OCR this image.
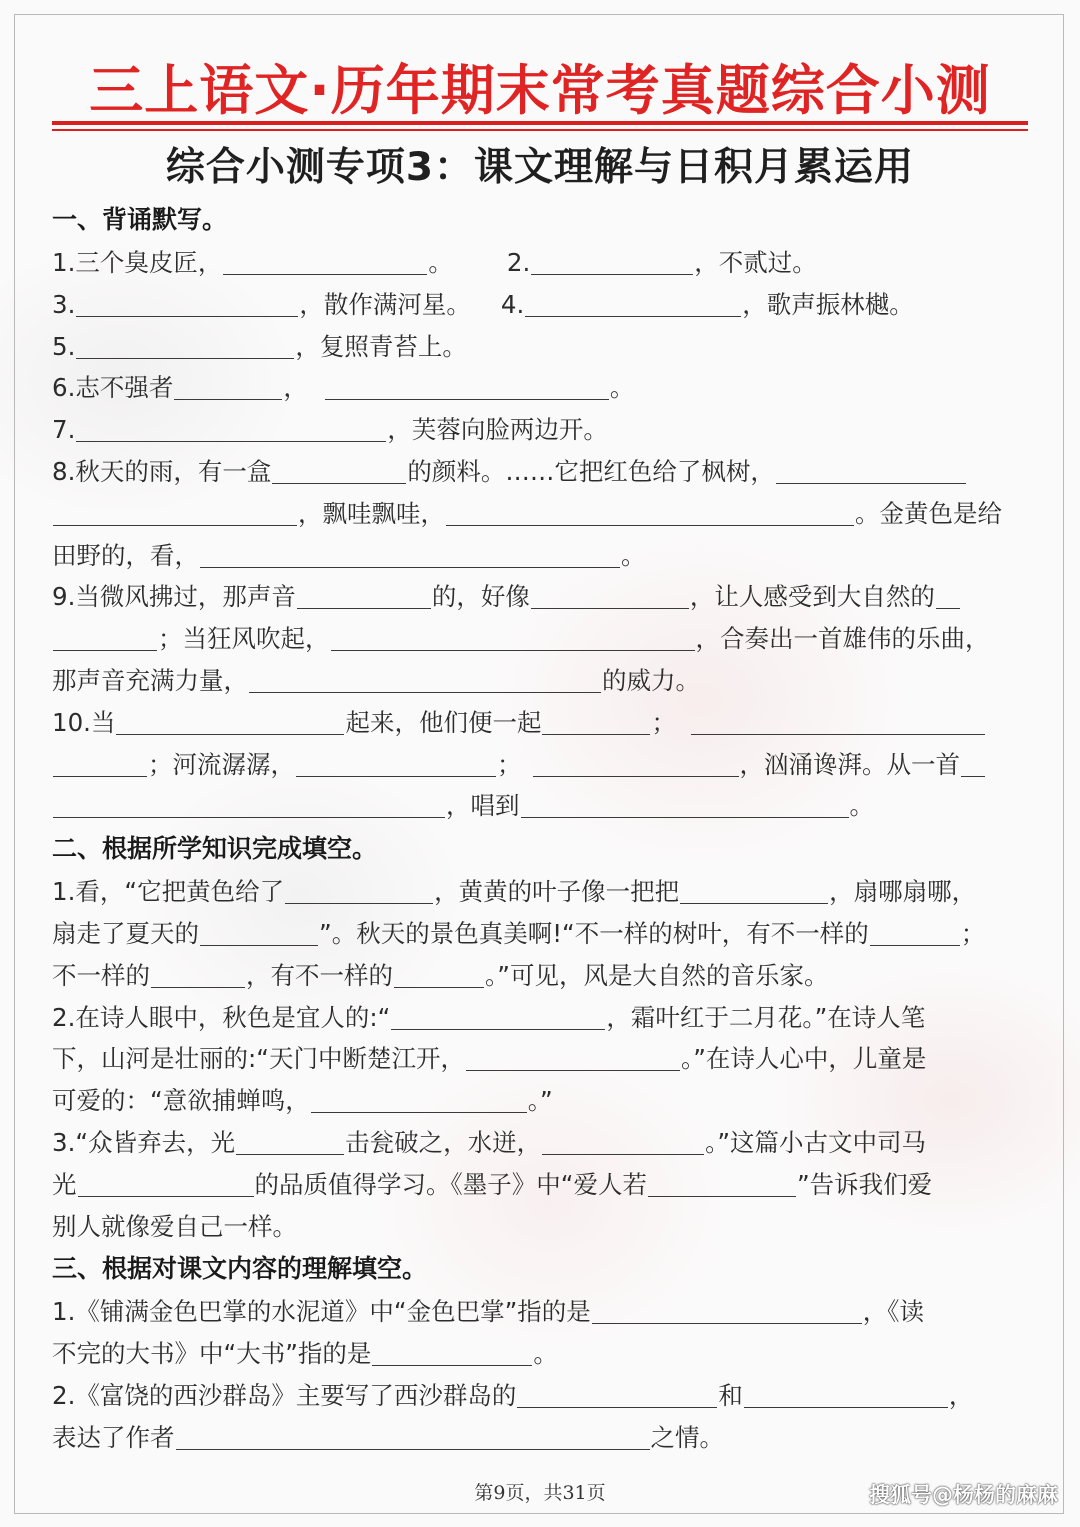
三上语文·历年期末常考真题综合小测
综合小测专项3：课文理解与日积月累运用
一、背诵默写。
1.三个臭皮匠，	。 2.	，不贰过。
3.	，散作满河星。 4.	，歌声振林樾。
5.	，复照青苔上。
6.志不强者	，	。
7.	，芙蓉向脸两边开。
8.秋天的雨，有一盒	的颜料。……它把红色给了枫树，
，飘哇飘哇，	。金黄色是给
田野的，看，	。
9.当微风拂过，那声音	的，好像	，让人感受到大自然的
；当狂风吹起，	，合奏出一首雄伟的乐曲，
那声音充满力量，	的威力。
10.当	起来，他们便一起	；
；河流潺潺，	；	，汹涌谗湃。从一首
，唱到	。
二、根据所学知识完成填空。
1.看，“它把黄色给了	，黄黄的叶子像一把把	，扇哪扇哪，
扇走了夏天的	”。秋天的景色真美啊!“不一样的树叶，有不一样的	；
不一样的	，有不一样的	。”可见，风是大自然的音乐家。
2.在诗人眼中，秋色是宜人的:“	，霜叶红于二月花。”在诗人笔
下，山河是壮丽的:“天门中断楚江开，	。”在诗人心中，儿童是
可爱的：“意欲捕蝉鸣，	。”
3.“众皆弃去，光	击瓮破之，水迸，	。”这篇小古文中司马
光	的品质值得学习。《墨子》中“爱人若	”告诉我们爱
别人就像爱自己一样。
三、根据对课文内容的理解填空。
1.《铺满金色巴掌的水泥道》中“金色巴掌”指的是	，《读
不完的大书》中“大书”指的是	。
2.《富饶的西沙群岛》主要写了西沙群岛的	和	，
表达了作者	之情。
第9页，共31页	搜狐号@杨杨的麻麻
